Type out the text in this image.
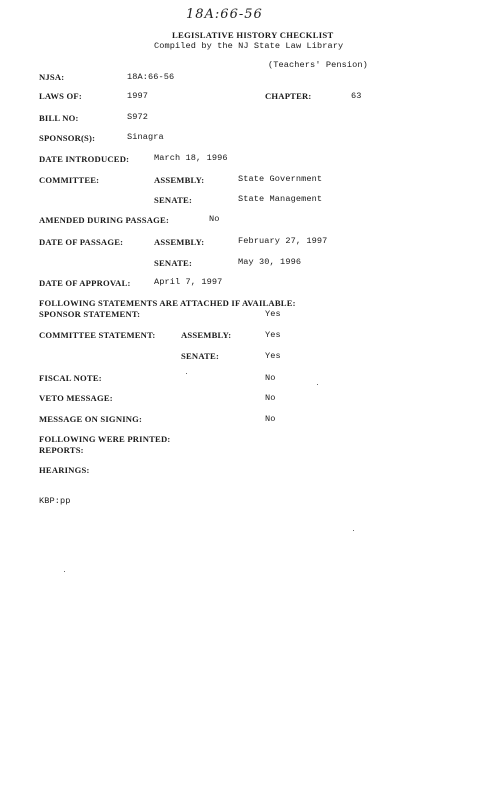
18A:66-56
LEGISLATIVE HISTORY CHECKLIST
Compiled by the NJ State Law Library
(Teachers' Pension)
NJSA:	18A:66-56
LAWS OF:	1997	CHAPTER:	63
BILL NO:	S972
SPONSOR(S):	Sinagra
DATE INTRODUCED:	March 18, 1996
COMMITTEE:	ASSEMBLY:	State Government
SENATE:	State Management
AMENDED DURING PASSAGE:	No
DATE OF PASSAGE:	ASSEMBLY:	February 27, 1997
SENATE:	May 30, 1996
DATE OF APPROVAL:	April 7, 1997
FOLLOWING STATEMENTS ARE ATTACHED IF AVAILABLE:
SPONSOR STATEMENT:	Yes
COMMITTEE STATEMENT:	ASSEMBLY:	Yes
SENATE:	Yes
FISCAL NOTE:	No
VETO MESSAGE:	No
MESSAGE ON SIGNING:	No
FOLLOWING WERE PRINTED:
REPORTS:
HEARINGS:
KBP:pp
